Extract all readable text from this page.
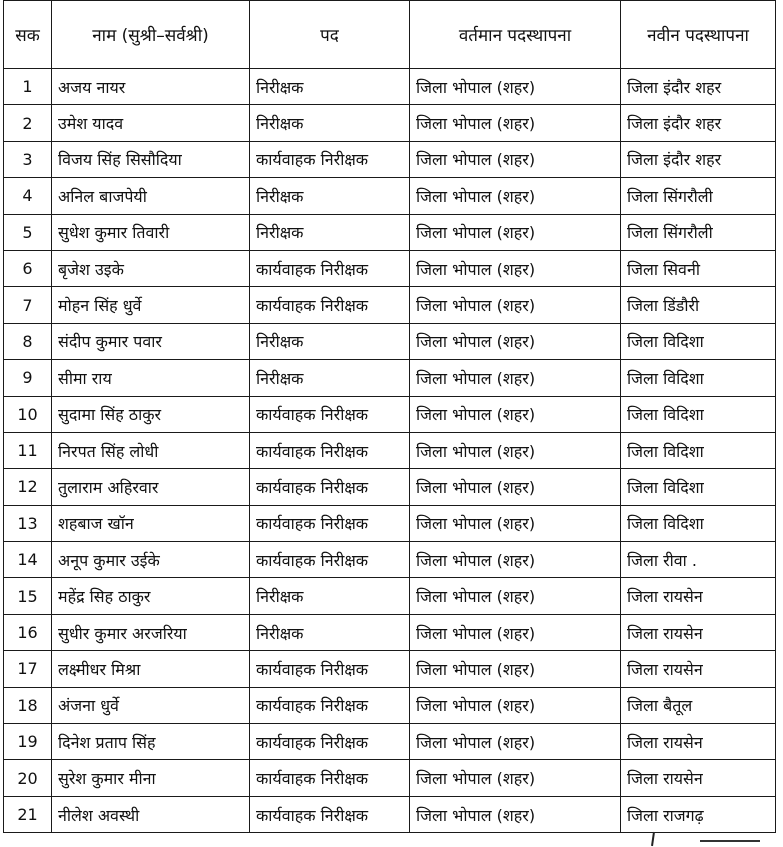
सक	नाम (सुश्री–सर्वश्री)	पद	वर्तमान पदस्थापना	नवीन पदस्थापना
1	अजय नायर	निरीक्षक	जिला भोपाल (शहर)	जिला इंदौर शहर
2	उमेश यादव	निरीक्षक	जिला भोपाल (शहर)	जिला इंदौर शहर
3	विजय सिंह सिसौदिया	कार्यवाहक निरीक्षक	जिला भोपाल (शहर)	जिला इंदौर शहर
4	अनिल बाजपेयी	निरीक्षक	जिला भोपाल (शहर)	जिला सिंगरौली
5	सुधेश कुमार तिवारी	निरीक्षक	जिला भोपाल (शहर)	जिला सिंगरौली
6	बृजेश उइके	कार्यवाहक निरीक्षक	जिला भोपाल (शहर)	जिला सिवनी
7	मोहन सिंह धुर्वे	कार्यवाहक निरीक्षक	जिला भोपाल (शहर)	जिला डिंडौरी
8	संदीप कुमार पवार	निरीक्षक	जिला भोपाल (शहर)	जिला विदिशा
9	सीमा राय	निरीक्षक	जिला भोपाल (शहर)	जिला विदिशा
10	सुदामा सिंह ठाकुर	कार्यवाहक निरीक्षक	जिला भोपाल (शहर)	जिला विदिशा
11	निरपत सिंह लोधी	कार्यवाहक निरीक्षक	जिला भोपाल (शहर)	जिला विदिशा
12	तुलाराम अहिरवार	कार्यवाहक निरीक्षक	जिला भोपाल (शहर)	जिला विदिशा
13	शहबाज खॉन	कार्यवाहक निरीक्षक	जिला भोपाल (शहर)	जिला विदिशा
14	अनूप कुमार उईके	कार्यवाहक निरीक्षक	जिला भोपाल (शहर)	जिला रीवा .
15	महेंद्र सिह ठाकुर	निरीक्षक	जिला भोपाल (शहर)	जिला रायसेन
16	सुधीर कुमार अरजरिया	निरीक्षक	जिला भोपाल (शहर)	जिला रायसेन
17	लक्ष्मीधर मिश्रा	कार्यवाहक निरीक्षक	जिला भोपाल (शहर)	जिला रायसेन
18	अंजना धुर्वे	कार्यवाहक निरीक्षक	जिला भोपाल (शहर)	जिला बैतूल
19	दिनेश प्रताप सिंह	कार्यवाहक निरीक्षक	जिला भोपाल (शहर)	जिला रायसेन
20	सुरेश कुमार मीना	कार्यवाहक निरीक्षक	जिला भोपाल (शहर)	जिला रायसेन
21	नीलेश अवस्थी	कार्यवाहक निरीक्षक	जिला भोपाल (शहर)	जिला राजगढ़
